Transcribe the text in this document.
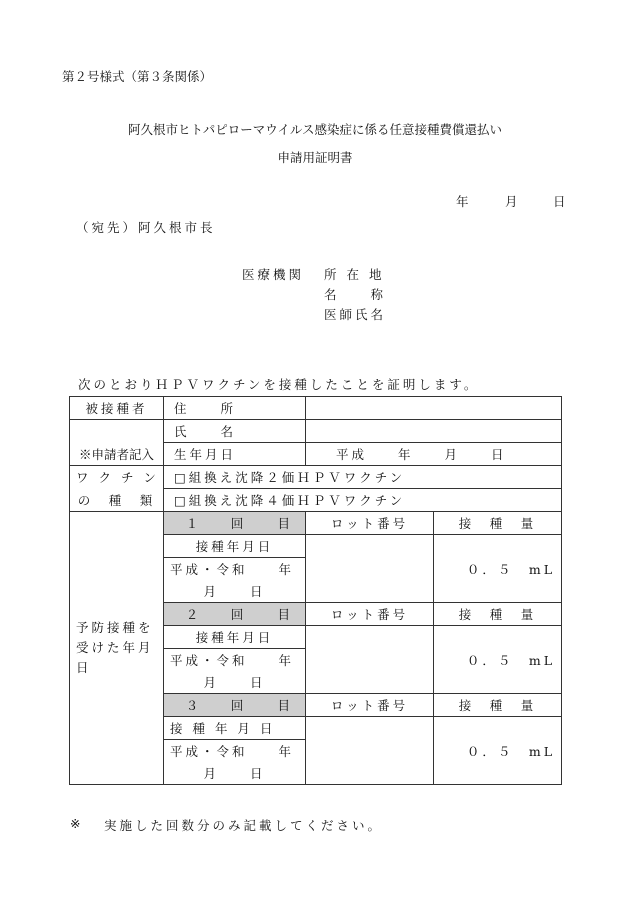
第２号様式（第３条関係）
阿久根市ヒトパピローマウイルス感染症に係る任意接種費償還払い
申請用証明書
年	月	日
（宛先）阿久根市長
医療機関 所 在 地
名　　称
医師氏名
次のとおりＨＰＶワクチンを接種したことを証明します。
被接種者	住　　所		
	氏　　名		
※申請者記入	生年月日	平成　　年　　月　　日	
ワ ク チ ン	□組換え沈降２価ＨＰＶワクチン		
の　種　類	□組換え沈降４価ＨＰＶワクチン		

予防接種を
受けた年月
日	１ 回 目	ロット番号	接　種　量
	接種年月日		０．５　mL
	平成・令和　　年		
	月　　日		
	２ 回 目	ロット番号	接　種　量
	接種年月日		０．５　mL
	平成・令和　　年		
	月　　日		
	３ 回 目	ロット番号	接　種　量
	接 種 年 月 日		０．５　mL
	平成・令和　　年		
	月　　日		
※ 実施した回数分のみ記載してください。
